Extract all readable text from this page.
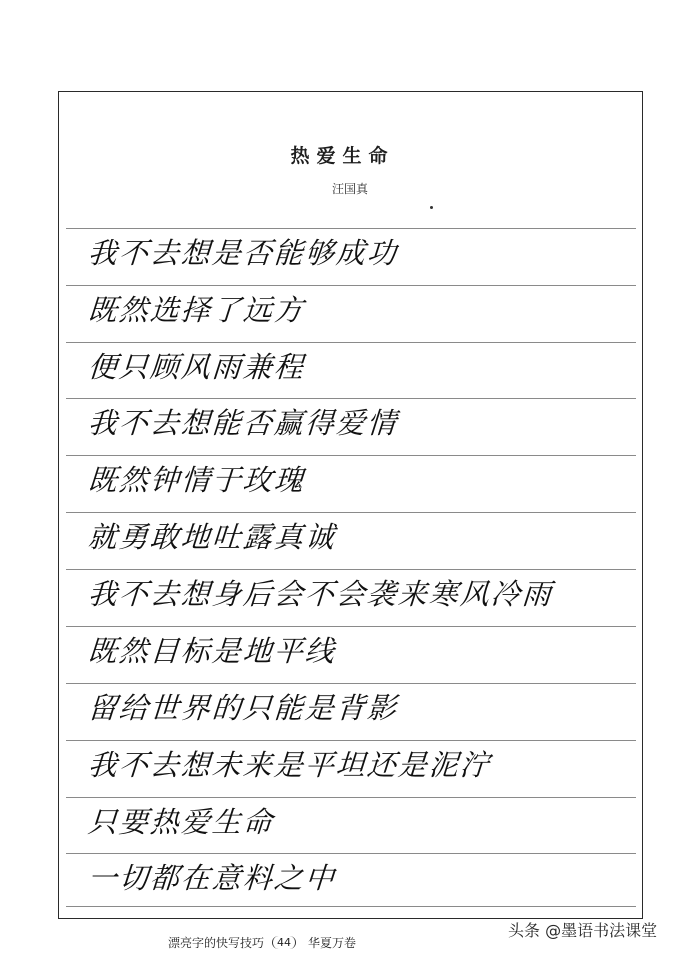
热爱生命
汪国真
我不去想是否能够成功
既然选择了远方
便只顾风雨兼程
我不去想能否赢得爱情
既然钟情于玫瑰
就勇敢地吐露真诚
我不去想身后会不会袭来寒风冷雨
既然目标是地平线
留给世界的只能是背影
我不去想未来是平坦还是泥泞
只要热爱生命
一切都在意料之中
漂亮字的快写技巧	44	华夏万卷
头条 @墨语书法课堂
